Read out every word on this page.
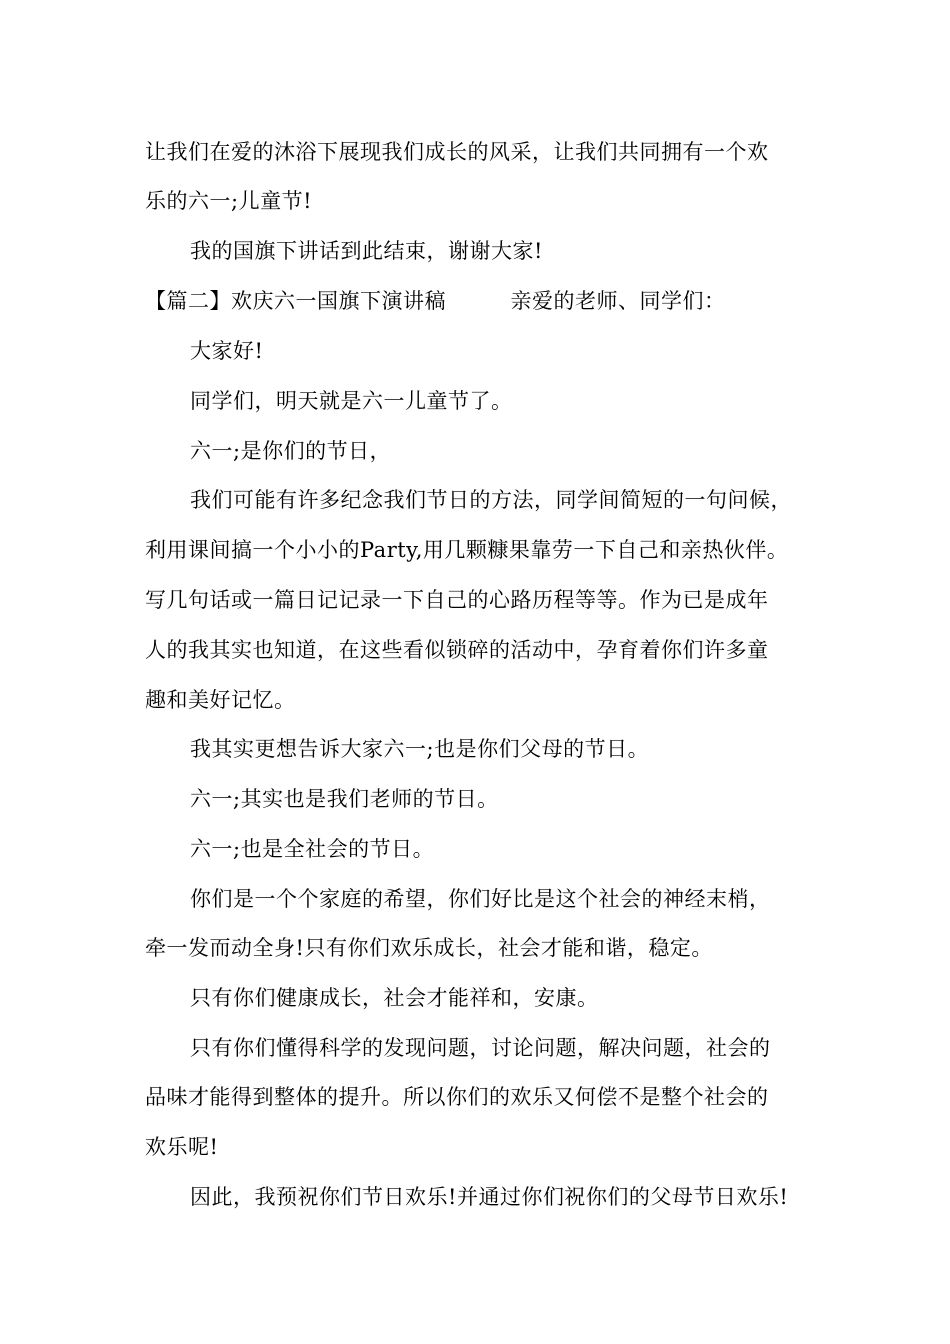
让我们在爱的沐浴下展现我们成长的风采，让我们共同拥有一个欢
乐的六一;儿童节!
我的国旗下讲话到此结束，谢谢大家!
【篇二】欢庆六一国旗下演讲稿　　　亲爱的老师、同学们：
大家好!
同学们，明天就是六一儿童节了。
六一;是你们的节日，
我们可能有许多纪念我们节日的方法，同学间简短的一句问候，
利用课间搞一个小小的Party,用几颗糠果靠劳一下自己和亲热伙伴。
写几句话或一篇日记记录一下自己的心路历程等等。作为已是成年
人的我其实也知道，在这些看似锁碎的活动中，孕育着你们许多童
趣和美好记忆。
我其实更想告诉大家六一;也是你们父母的节日。
六一;其实也是我们老师的节日。
六一;也是全社会的节日。
你们是一个个家庭的希望，你们好比是这个社会的神经末梢，
牵一发而动全身!只有你们欢乐成长，社会才能和谐，稳定。
只有你们健康成长，社会才能祥和，安康。
只有你们懂得科学的发现问题，讨论问题，解决问题，社会的
品味才能得到整体的提升。所以你们的欢乐又何偿不是整个社会的
欢乐呢!
因此，我预祝你们节日欢乐!并通过你们祝你们的父母节日欢乐!
